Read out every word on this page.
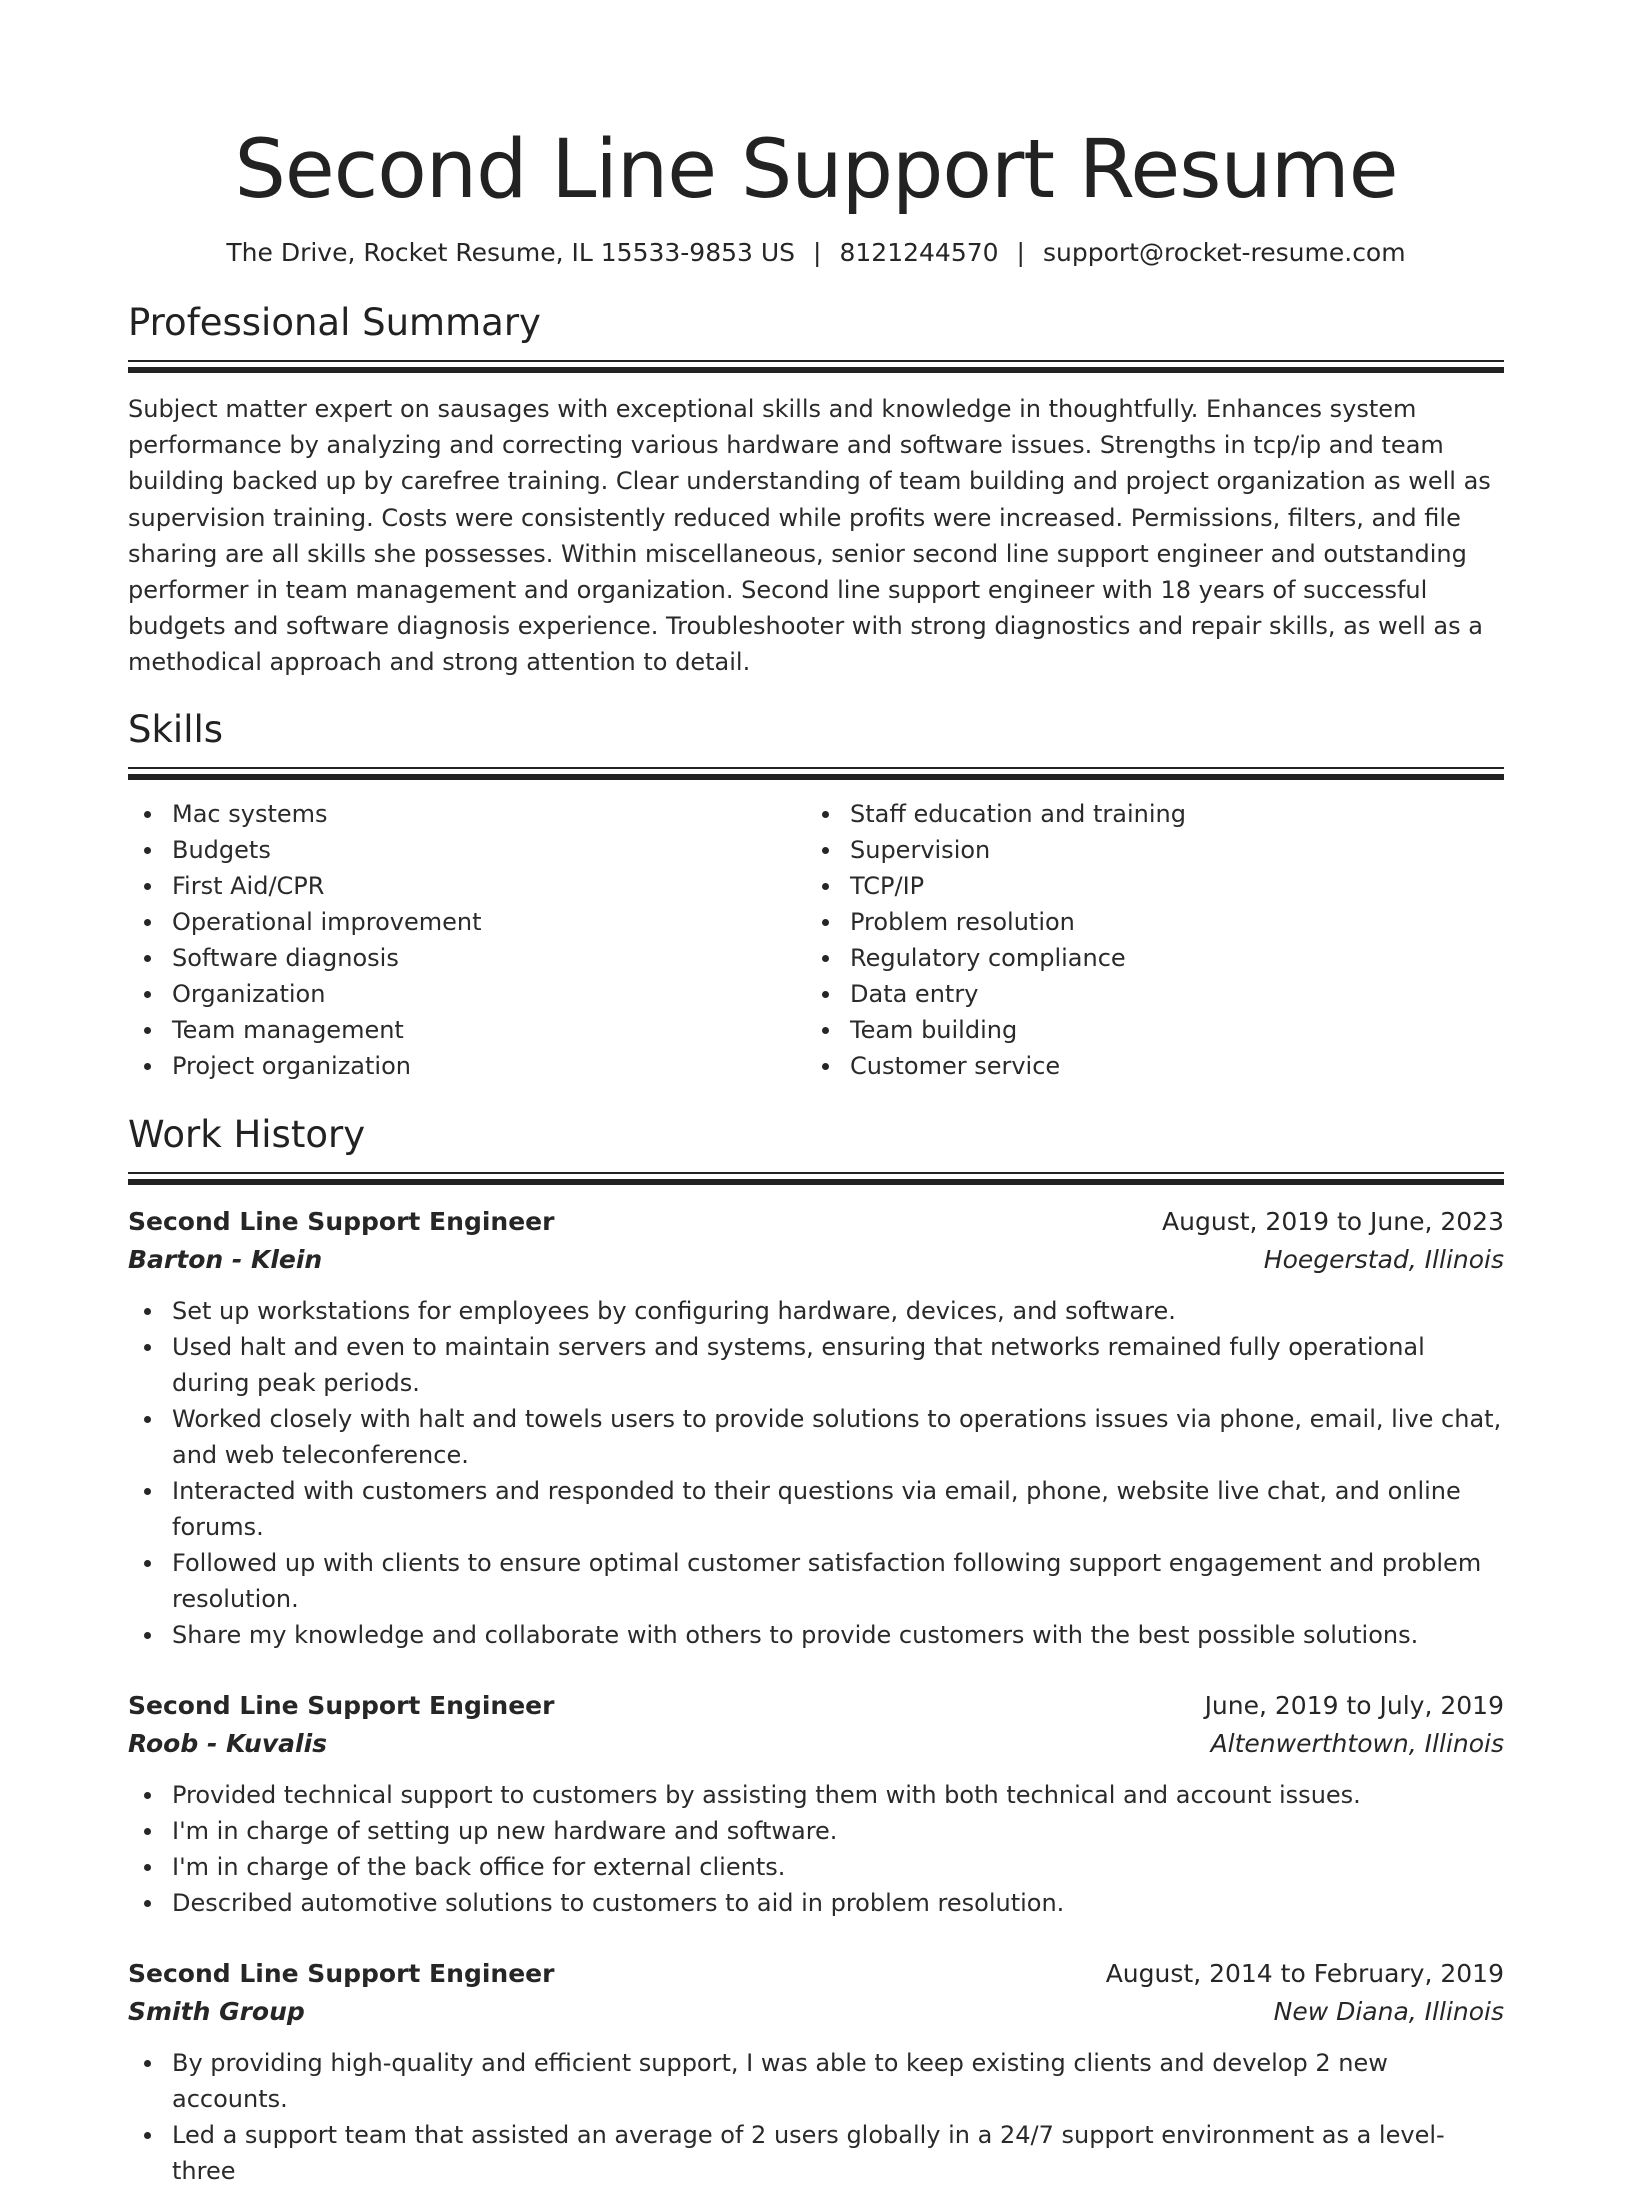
Second Line Support Resume
The Drive, Rocket Resume, IL 15533-9853 US | 8121244570 | support@rocket-resume.com
Professional Summary
Subject matter expert on sausages with exceptional skills and knowledge in thoughtfully. Enhances system performance by analyzing and correcting various hardware and software issues. Strengths in tcp/ip and team building backed up by carefree training. Clear understanding of team building and project organization as well as supervision training. Costs were consistently reduced while profits were increased. Permissions, filters, and file sharing are all skills she possesses. Within miscellaneous, senior second line support engineer and outstanding performer in team management and organization. Second line support engineer with 18 years of successful budgets and software diagnosis experience. Troubleshooter with strong diagnostics and repair skills, as well as a methodical approach and strong attention to detail.
Skills
Mac systems
Budgets
First Aid/CPR
Operational improvement
Software diagnosis
Organization
Team management
Project organization
Staff education and training
Supervision
TCP/IP
Problem resolution
Regulatory compliance
Data entry
Team building
Customer service
Work History
Second Line Support Engineer	August, 2019 to June, 2023
Barton - Klein	Hoegerstad, Illinois
Set up workstations for employees by configuring hardware, devices, and software.
Used halt and even to maintain servers and systems, ensuring that networks remained fully operational during peak periods.
Worked closely with halt and towels users to provide solutions to operations issues via phone, email, live chat, and web teleconference.
Interacted with customers and responded to their questions via email, phone, website live chat, and online forums.
Followed up with clients to ensure optimal customer satisfaction following support engagement and problem resolution.
Share my knowledge and collaborate with others to provide customers with the best possible solutions.
Second Line Support Engineer	June, 2019 to July, 2019
Roob - Kuvalis	Altenwerthtown, Illinois
Provided technical support to customers by assisting them with both technical and account issues.
I'm in charge of setting up new hardware and software.
I'm in charge of the back office for external clients.
Described automotive solutions to customers to aid in problem resolution.
Second Line Support Engineer	August, 2014 to February, 2019
Smith Group	New Diana, Illinois
By providing high-quality and efficient support, I was able to keep existing clients and develop 2 new accounts.
Led a support team that assisted an average of 2 users globally in a 24/7 support environment as a level-three
